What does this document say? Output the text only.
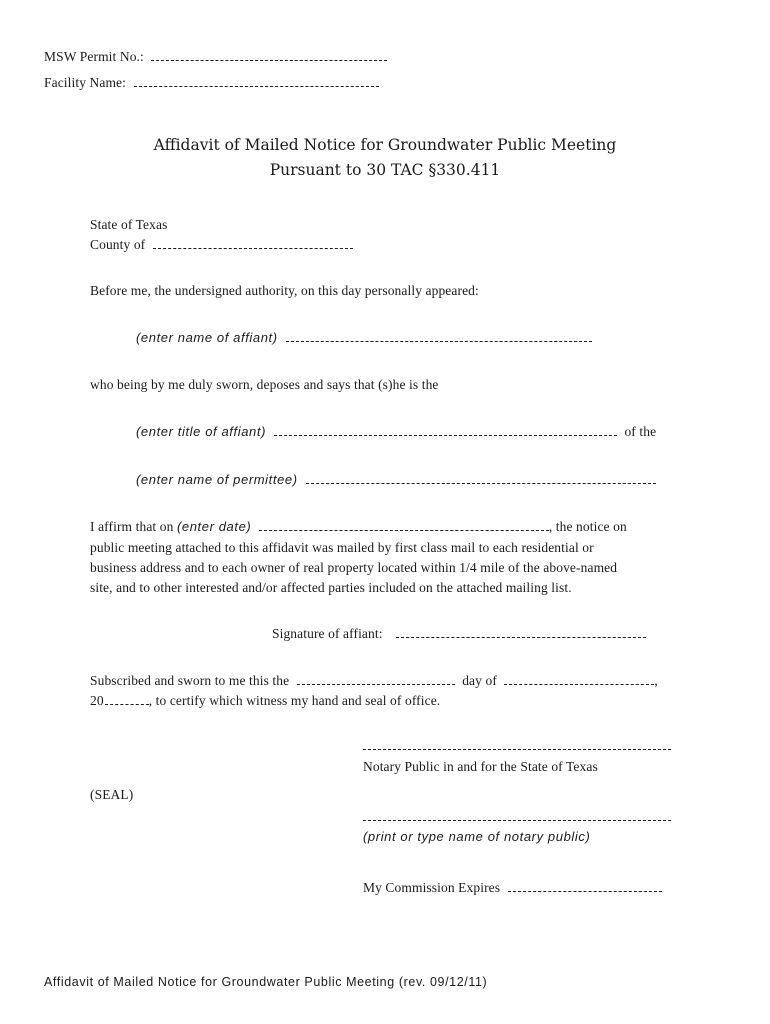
MSW Permit No.:
Facility Name:
Affidavit of Mailed Notice for Groundwater Public Meeting
Pursuant to 30 TAC §330.411
State of Texas
County of
Before me, the undersigned authority, on this day personally appeared:
(enter name of affiant)
who being by me duly sworn, deposes and says that (s)he is the
(enter title of affiant)	of the
(enter name of permittee)
I affirm that on (enter date)	, the notice on
public meeting attached to this affidavit was mailed by first class mail to each residential or
business address and to each owner of real property located within 1/4 mile of the above-named
site, and to other interested and/or affected parties included on the attached mailing list.
Signature of affiant:
Subscribed and sworn to me this the	day of	,
20	, to certify which witness my hand and seal of office.
Notary Public in and for the State of Texas
(SEAL)
(print or type name of notary public)
My Commission Expires
Affidavit of Mailed Notice for Groundwater Public Meeting (rev. 09/12/11)
